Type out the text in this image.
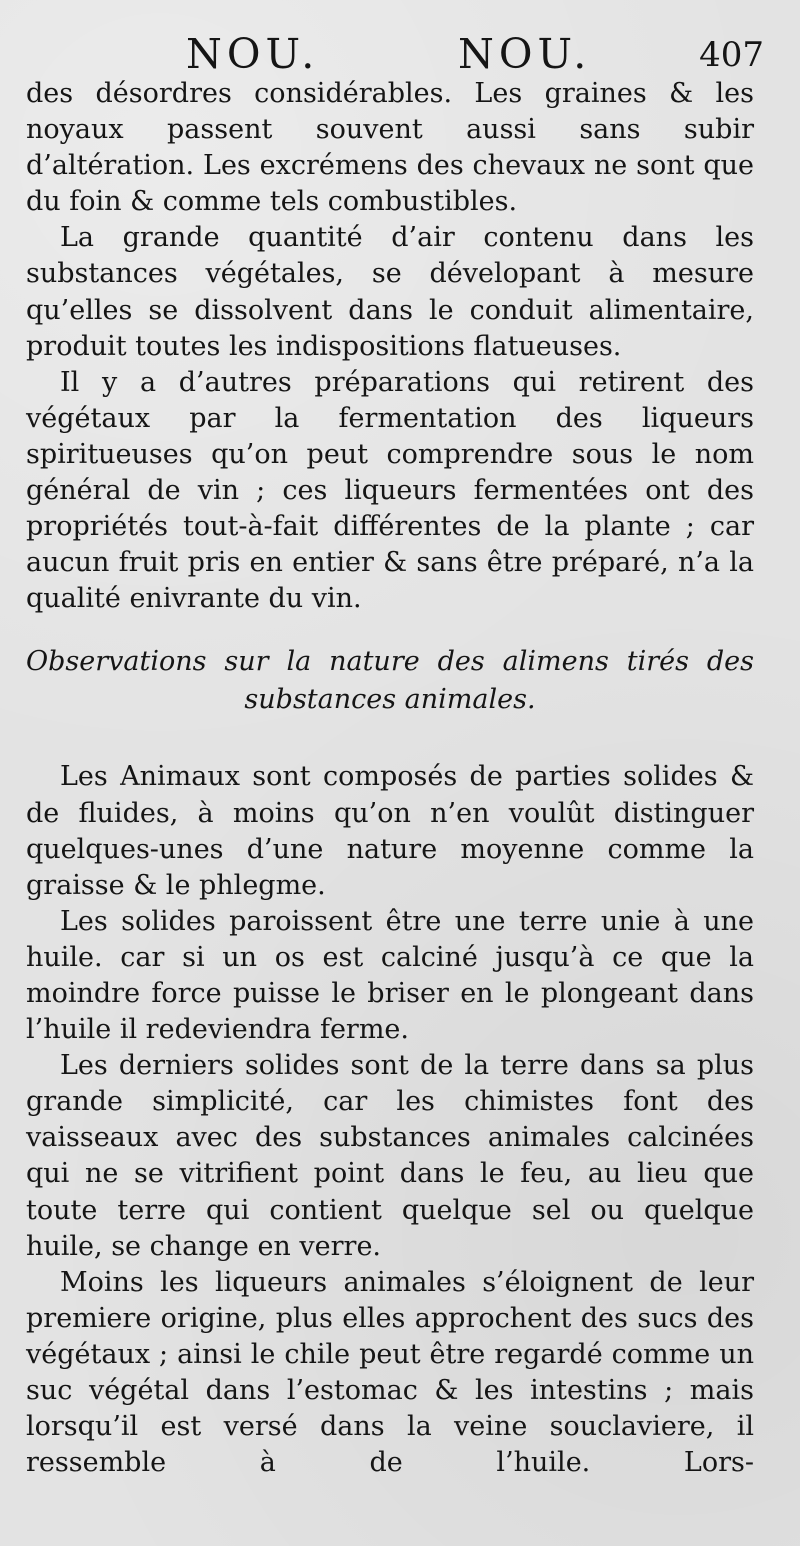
NOU.	NOU.	407

des désordres considérables. Les graines & les noyaux passent souvent aussi sans subir d’altération. Les excrémens des chevaux ne sont que du foin & comme tels combustibles.

La grande quantité d’air contenu dans les substances végétales, se dévelopant à mesure qu’elles se dissolvent dans le conduit alimentaire, produit toutes les indispositions flatueuses.

Il y a d’autres préparations qui retirent des végétaux par la fermentation des liqueurs spiritueuses qu’on peut comprendre sous le nom général de vin ; ces liqueurs fermentées ont des propriétés tout-à-fait différentes de la plante ; car aucun fruit pris en entier & sans être préparé, n’a la qualité enivrante du vin.

Observations sur la nature des alimens tirés des
substances animales.

Les Animaux sont composés de parties solides & de fluides, à moins qu’on n’en voulût distinguer quelques-unes d’une nature moyenne comme la graisse & le phlegme.

Les solides paroissent être une terre unie à une huile. car si un os est calciné jusqu’à ce que la moindre force puisse le briser en le plongeant dans l’huile il redeviendra ferme.

Les derniers solides sont de la terre dans sa plus grande simplicité, car les chimistes font des vaisseaux avec des substances animales calcinées qui ne se vitrifient point dans le feu, au lieu que toute terre qui contient quelque sel ou quelque huile, se change en verre.

Moins les liqueurs animales s’éloignent de leur premiere origine, plus elles approchent des sucs des végétaux ; ainsi le chile peut être regardé comme un suc végétal dans l’estomac & les intestins ; mais lorsqu’il est versé dans la veine souclaviere, il ressemble à de l’huile. Lors-
